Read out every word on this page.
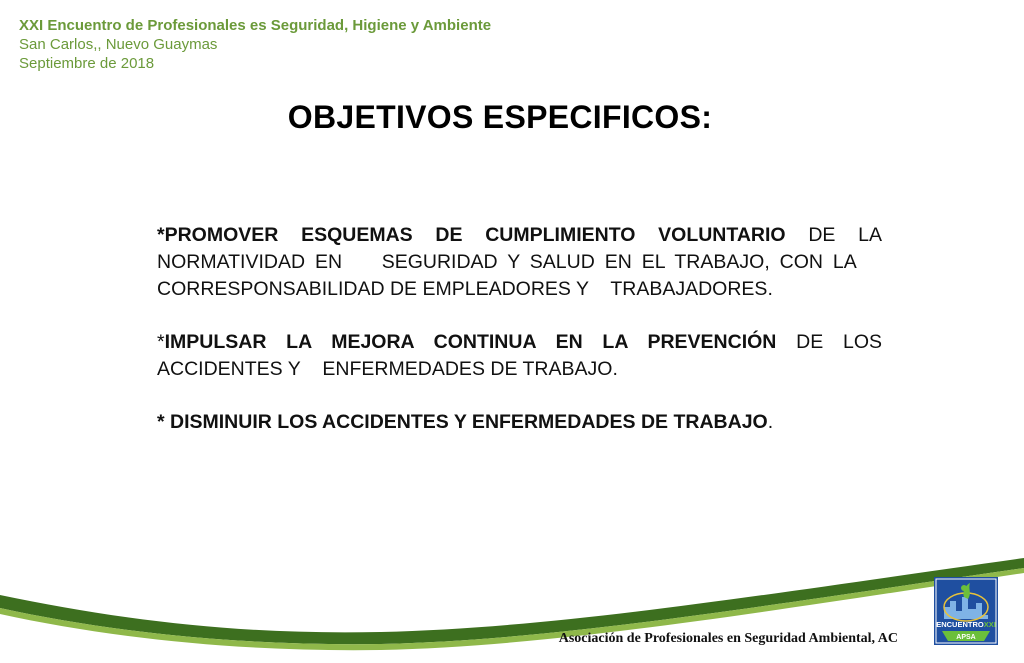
XXI Encuentro de Profesionales es Seguridad, Higiene y Ambiente
San Carlos,, Nuevo Guaymas
Septiembre de 2018
OBJETIVOS ESPECIFICOS:

*PROMOVER ESQUEMAS DE CUMPLIMIENTO VOLUNTARIO DE LA NORMATIVIDAD EN    SEGURIDAD Y SALUD EN EL TRABAJO, CON LA    CORRESPONSABILIDAD DE EMPLEADORES Y    TRABAJADORES.

*IMPULSAR LA MEJORA CONTINUA EN LA PREVENCIÓN DE LOS ACCIDENTES Y    ENFERMEDADES DE TRABAJO.

* DISMINUIR LOS ACCIDENTES Y ENFERMEDADES DE TRABAJO.

Asociación de Profesionales en Seguridad Ambiental, AC
ENCUENTROXXI
APSA
